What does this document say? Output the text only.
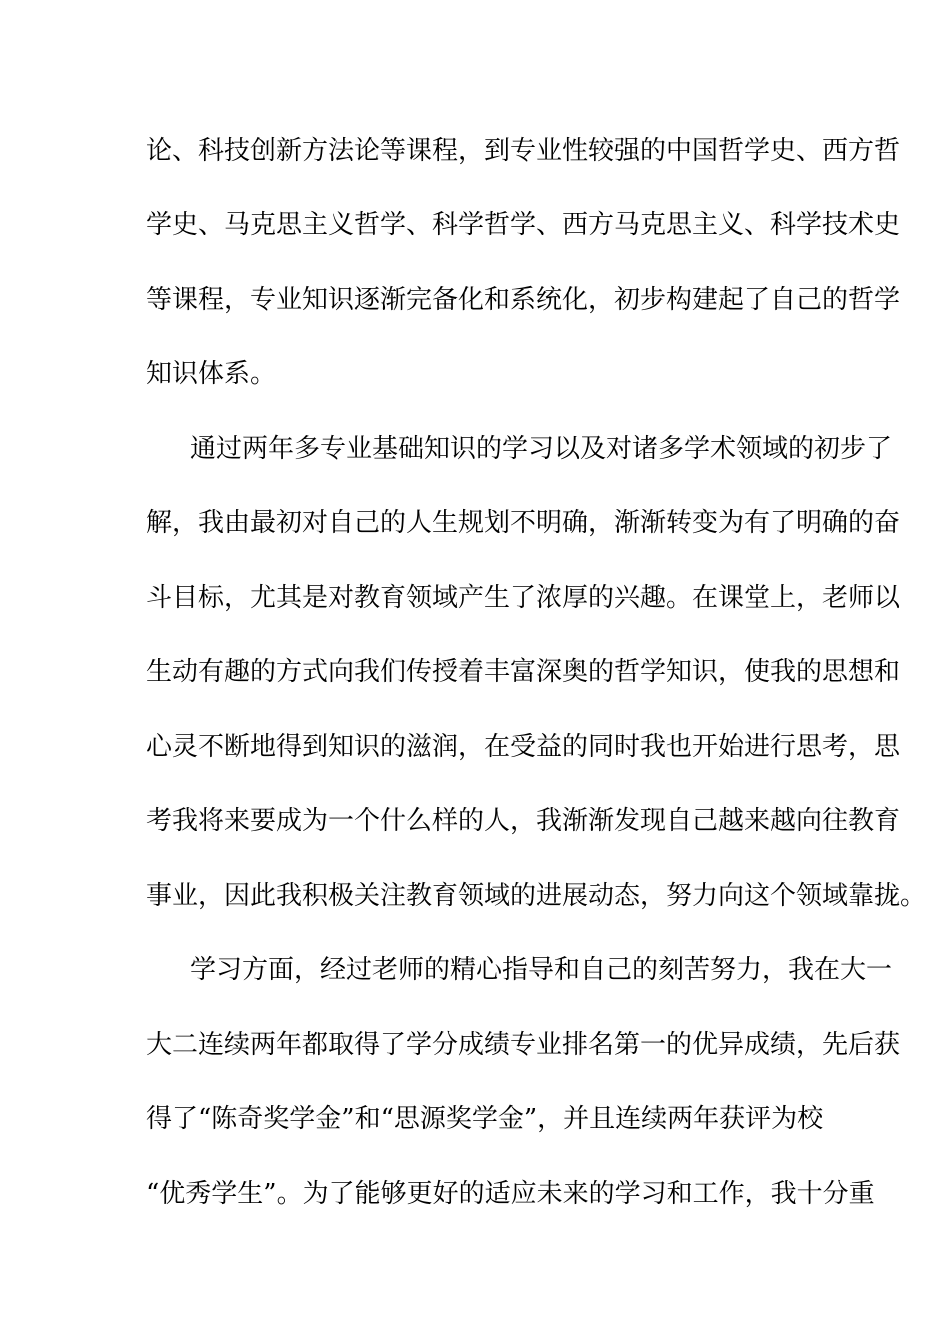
论、科技创新方法论等课程，到专业性较强的中国哲学史、西方哲
学史、马克思主义哲学、科学哲学、西方马克思主义、科学技术史
等课程，专业知识逐渐完备化和系统化，初步构建起了自己的哲学
知识体系。
通过两年多专业基础知识的学习以及对诸多学术领域的初步了
解，我由最初对自己的人生规划不明确，渐渐转变为有了明确的奋
斗目标，尤其是对教育领域产生了浓厚的兴趣。在课堂上，老师以
生动有趣的方式向我们传授着丰富深奥的哲学知识，使我的思想和
心灵不断地得到知识的滋润，在受益的同时我也开始进行思考，思
考我将来要成为一个什么样的人，我渐渐发现自己越来越向往教育
事业，因此我积极关注教育领域的进展动态，努力向这个领域靠拢。
学习方面，经过老师的精心指导和自己的刻苦努力，我在大一
大二连续两年都取得了学分成绩专业排名第一的优异成绩，先后获
得了“陈奇奖学金”和“思源奖学金”，并且连续两年获评为校
“优秀学生”。为了能够更好的适应未来的学习和工作，我十分重
